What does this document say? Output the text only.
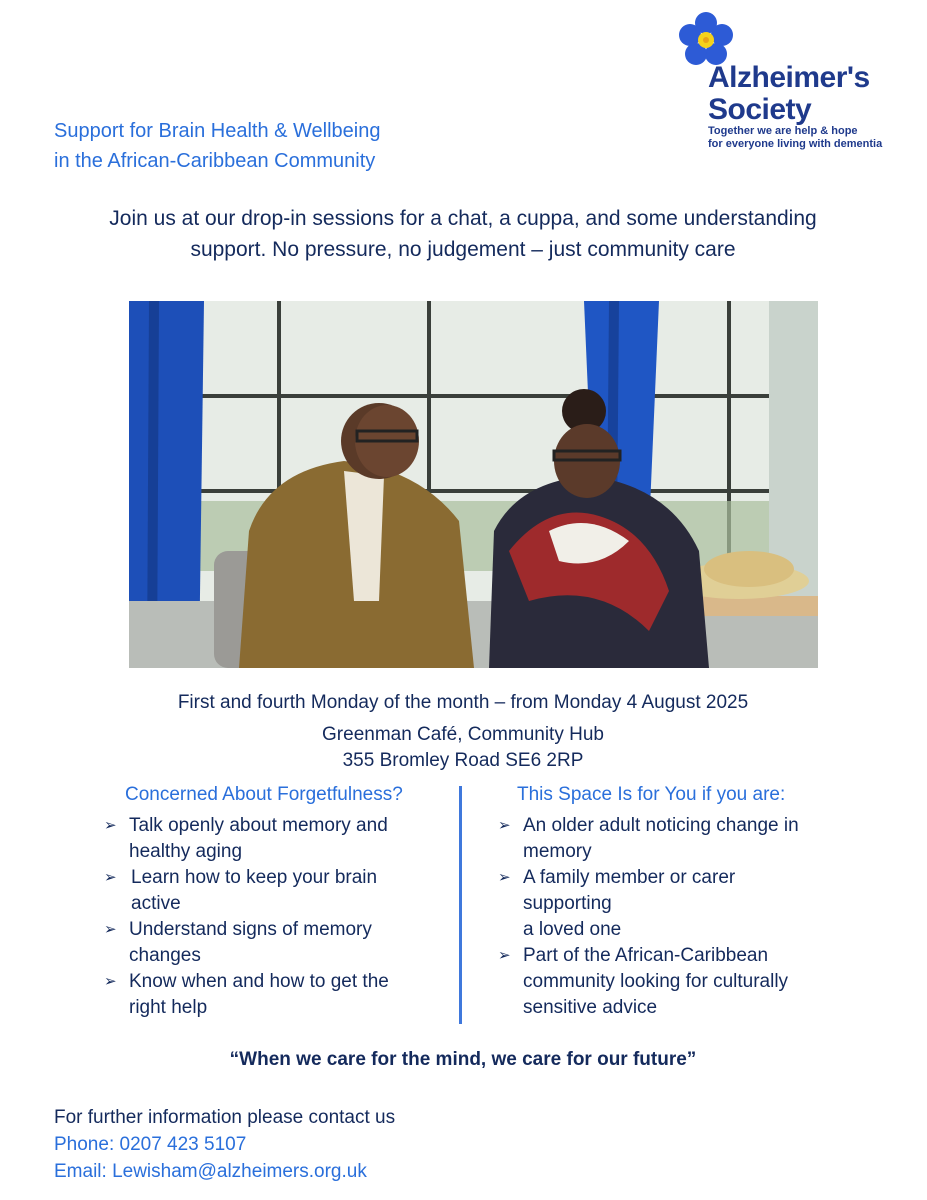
Alzheimer's
Society
Together we are help & hope
for everyone living with dementia
Support for Brain Health & Wellbeing
in the African-Caribbean Community
Join us at our drop-in sessions for a chat, a cuppa, and some understanding
support. No pressure, no judgement – just community care
First and fourth Monday of the month – from Monday 4 August 2025
Greenman Café, Community Hub
355 Bromley Road SE6 2RP
Concerned About Forgetfulness?
➢ Talk openly about memory and
healthy aging
➢ Learn how to keep your brain
active
➢ Understand signs of memory
changes
➢ Know when and how to get the
right help
This Space Is for You if you are:
➢ An older adult noticing change in
memory
➢ A family member or carer
supporting
a loved one
➢ Part of the African-Caribbean
community looking for culturally
sensitive advice
“When we care for the mind, we care for our future”
For further information please contact us
Phone: 0207 423 5107
Email: Lewisham@alzheimers.org.uk
